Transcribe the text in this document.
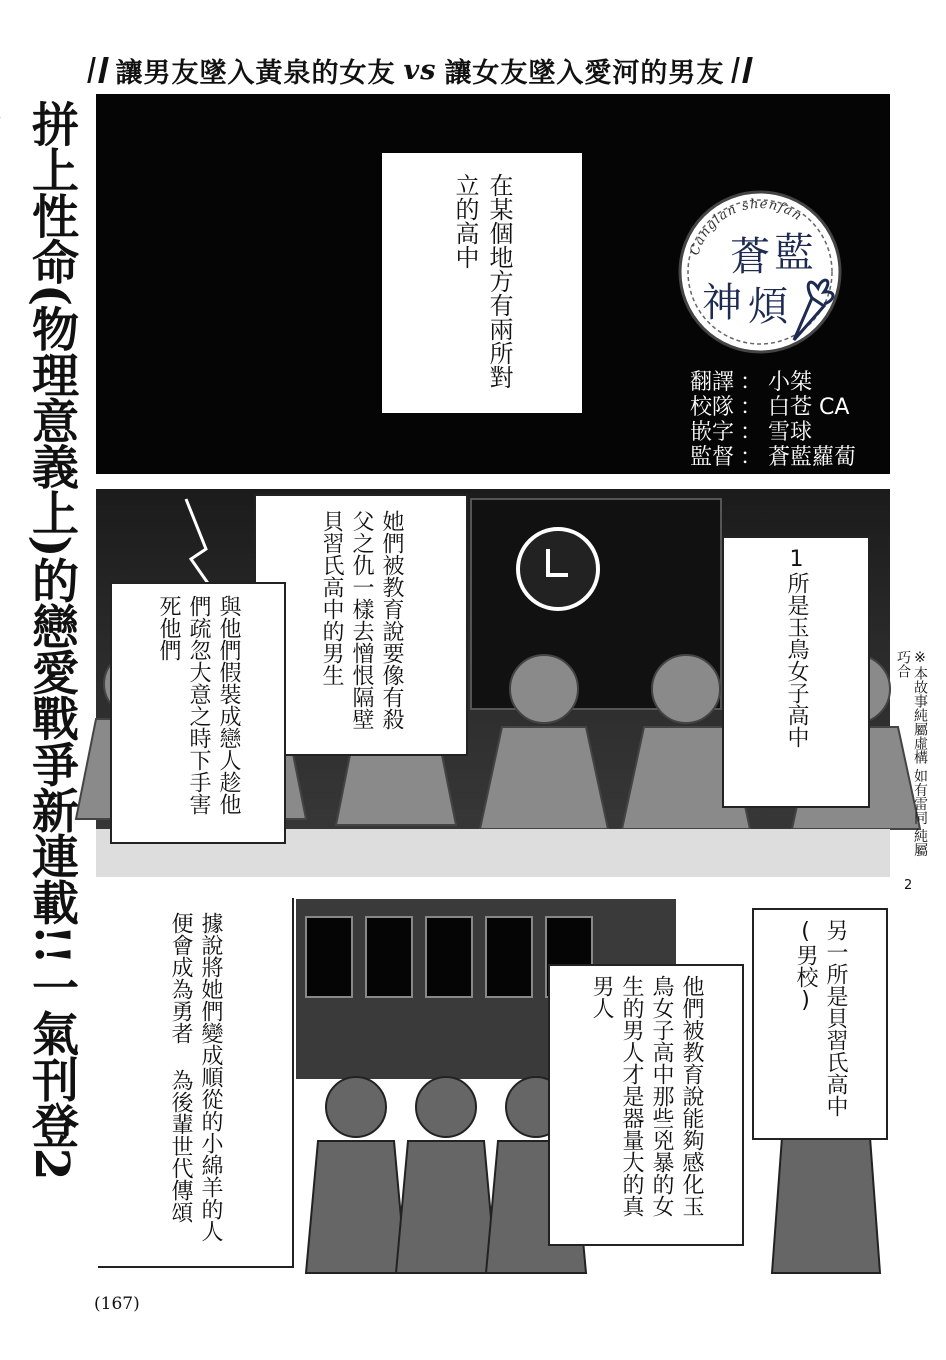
讓男友墜入黃泉的女友 vs 讓女友墜入愛河的男友
拼上性命(物理意義上)的戀愛戰爭新連載!!一氣刊登2
在某個地方有兩所對立的高中	Canglan shenfan
蒼 藍
神 煩
翻譯 ： 小桀
校隊 ： 白苍 CA
嵌字 ： 雪球
監督 ： 蒼藍蘿蔔
1所是玉鳥女子高中
她們被教育說要像有殺父之仇一樣去憎恨隔壁貝習氏高中的男生
與他們假裝成戀人趁他們疏忽大意之時下手害死他們
※本故事純屬虛構 如有雷同 純屬巧合
2
另一所是貝習氏高中(男校)
他們被教育說能夠感化玉鳥女子高中那些兇暴的女生的男人才是器量大的真男人
據說將她們變成順從的小綿羊的人便會成為勇者 為後輩世代傳頌
(167)
